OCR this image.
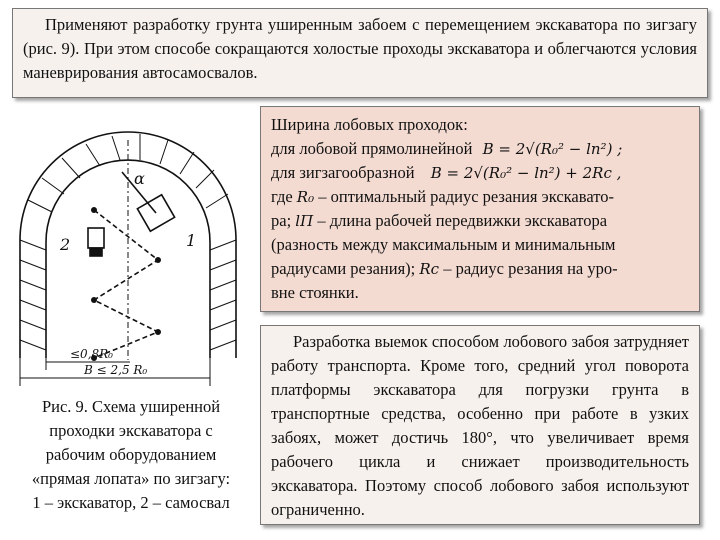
Применяют разработку грунта уширенным забоем с перемещением экскаватора по зигзагу (рис. 9). При этом способе сокращаются холостые проходы экскаватора и облегчаются условия маневрирования автосамосвалов.

α
1
2
≤0,8R₀
В ≤ 2,5 R₀
Ширина лобовых проходок:
для лобовой прямолинейной B = 2√(R₀² − lп²) ;
для зигзагообразной B = 2√(R₀² − lп²) + 2Rс ,
где R₀ – оптимальный радиус резания экскавато-
ра; lП – длина рабочей передвижки экскаватора
(разность между максимальным и минимальным
радиусами резания); Rс – радиус резания на уро-
вне стоянки.
Рис. 9. Схема уширенной
проходки экскаватора с
рабочим оборудованием
«прямая лопата» по зигзагу:
1 – экскаватор, 2 – самосвал

Разработка выемок способом лобового забоя затрудняет работу транспорта. Кроме того, средний угол поворота платформы экскаватора для погрузки грунта в транспортные средства, особенно при работе в узких забоях, может достичь 180°, что увеличивает время рабочего цикла и снижает производительность экскаватора. Поэтому способ лобового забоя используют ограниченно.
